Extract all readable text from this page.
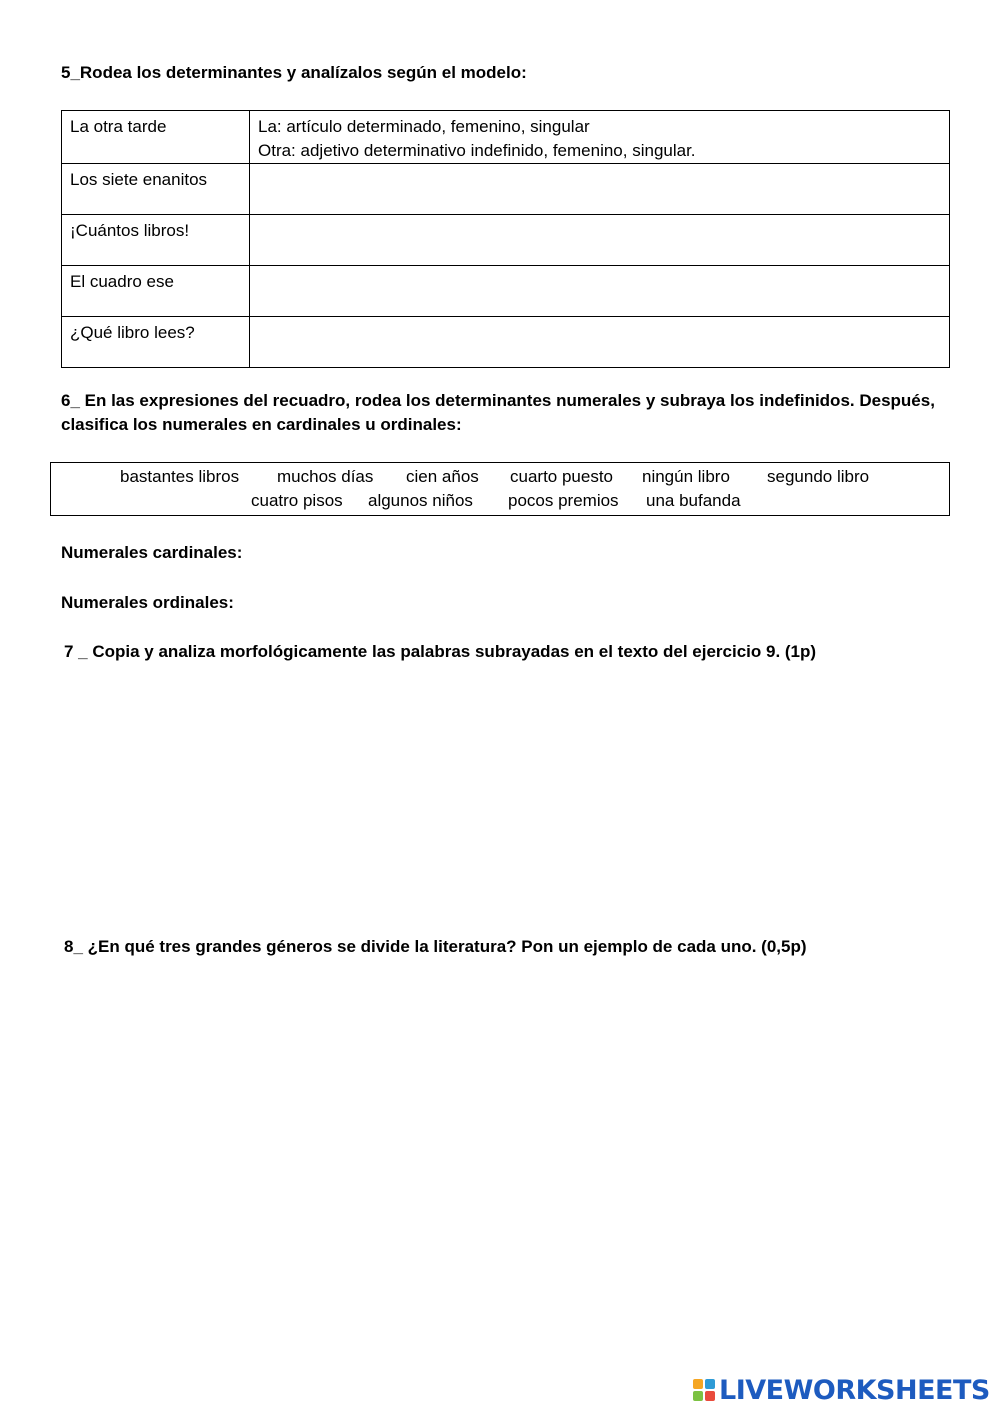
5_Rodea los determinantes y analízalos según el modelo:
La otra tarde	La: artículo determinado, femenino, singular
Otra: adjetivo determinativo indefinido, femenino, singular.

Los siete enanitos	

¡Cuántos libros!	

El cuadro ese	

¿Qué libro lees?	
6_ En las expresiones del recuadro, rodea los determinantes numerales y subraya los indefinidos. Después,
clasifica los numerales en cardinales u ordinales:
bastantes libros muchos días cien años cuarto puesto ningún libro segundo libro
cuatro pisos algunos niños pocos premios una bufanda
Numerales cardinales:
Numerales ordinales:
7 _ Copia y analiza morfológicamente las palabras subrayadas en el texto del ejercicio 9. (1p)
8_ ¿En qué tres grandes géneros se divide la literatura? Pon un ejemplo de cada uno. (0,5p)
LIVEWORKSHEETS
